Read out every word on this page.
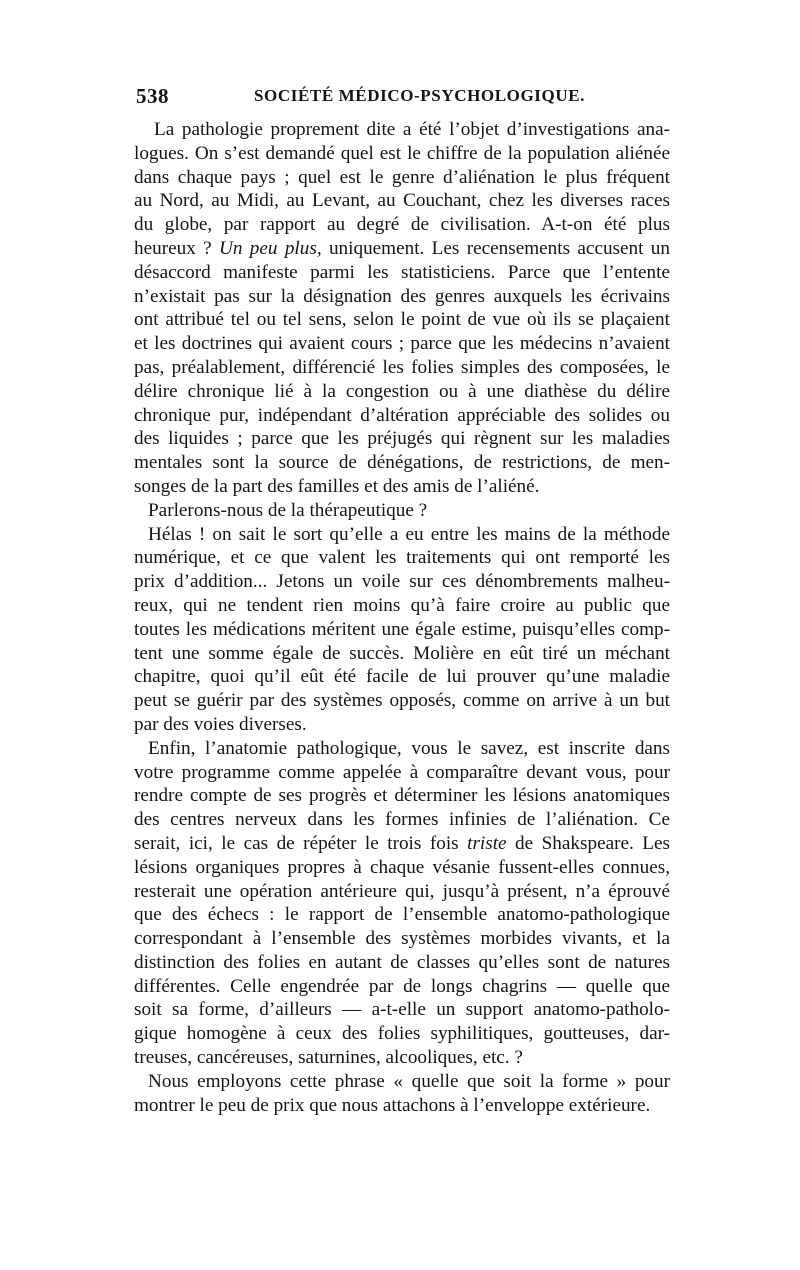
538	SOCIÉTÉ MÉDICO-PSYCHOLOGIQUE.
La pathologie proprement dite a été l’objet d’investigations ana-
logues. On s’est demandé quel est le chiffre de la population aliénée
dans chaque pays ; quel est le genre d’aliénation le plus fréquent
au Nord, au Midi, au Levant, au Couchant, chez les diverses races
du globe, par rapport au degré de civilisation. A-t-on été plus
heureux ? Un peu plus, uniquement. Les recensements accusent un
désaccord manifeste parmi les statisticiens. Parce que l’entente
n’existait pas sur la désignation des genres auxquels les écrivains
ont attribué tel ou tel sens, selon le point de vue où ils se plaçaient
et les doctrines qui avaient cours ; parce que les médecins n’avaient
pas, préalablement, différencié les folies simples des composées, le
délire chronique lié à la congestion ou à une diathèse du délire
chronique pur, indépendant d’altération appréciable des solides ou
des liquides ; parce que les préjugés qui règnent sur les maladies
mentales sont la source de dénégations, de restrictions, de men-
songes de la part des familles et des amis de l’aliéné.
Parlerons-nous de la thérapeutique ?
Hélas ! on sait le sort qu’elle a eu entre les mains de la méthode
numérique, et ce que valent les traitements qui ont remporté les
prix d’addition... Jetons un voile sur ces dénombrements malheu-
reux, qui ne tendent rien moins qu’à faire croire au public que
toutes les médications méritent une égale estime, puisqu’elles comp-
tent une somme égale de succès. Molière en eût tiré un méchant
chapitre, quoi qu’il eût été facile de lui prouver qu’une maladie
peut se guérir par des systèmes opposés, comme on arrive à un but
par des voies diverses.
Enfin, l’anatomie pathologique, vous le savez, est inscrite dans
votre programme comme appelée à comparaître devant vous, pour
rendre compte de ses progrès et déterminer les lésions anatomiques
des centres nerveux dans les formes infinies de l’aliénation. Ce
serait, ici, le cas de répéter le trois fois triste de Shakspeare. Les
lésions organiques propres à chaque vésanie fussent-elles connues,
resterait une opération antérieure qui, jusqu’à présent, n’a éprouvé
que des échecs : le rapport de l’ensemble anatomo-pathologique
correspondant à l’ensemble des systèmes morbides vivants, et la
distinction des folies en autant de classes qu’elles sont de natures
différentes. Celle engendrée par de longs chagrins — quelle que
soit sa forme, d’ailleurs — a-t-elle un support anatomo-patholo-
gique homogène à ceux des folies syphilitiques, goutteuses, dar-
treuses, cancéreuses, saturnines, alcooliques, etc. ?
Nous employons cette phrase « quelle que soit la forme » pour
montrer le peu de prix que nous attachons à l’enveloppe extérieure.
